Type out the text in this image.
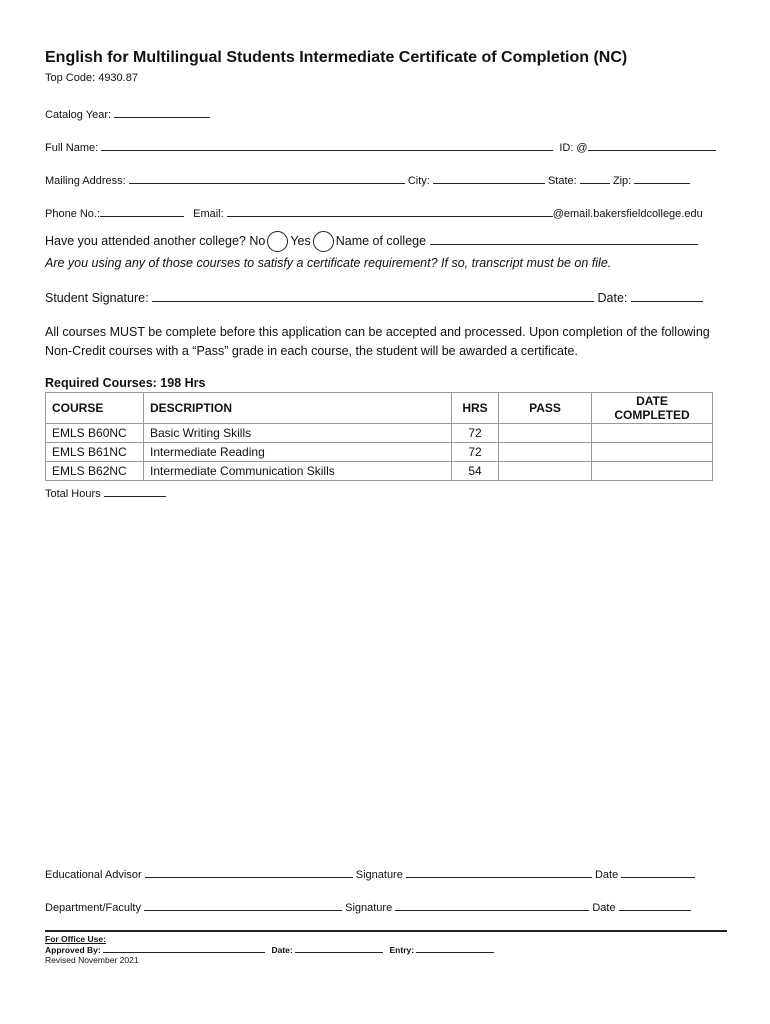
English for Multilingual Students Intermediate Certificate of Completion (NC)
Top Code: 4930.87
Catalog Year:
Full Name:	ID: @
Mailing Address:	City:	State:	Zip:
Phone No.:	Email:	@email.bakersfieldcollege.edu
Have you attended another college? No Yes Name of college
Are you using any of those courses to satisfy a certificate requirement? If so, transcript must be on file.
Student Signature:	Date:
All courses MUST be complete before this application can be accepted and processed. Upon completion of the following
Non-Credit courses with a “Pass” grade in each course, the student will be awarded a certificate.
Required Courses: 198 Hrs
COURSE	DESCRIPTION	HRS	PASS	DATE COMPLETED
EMLS B60NC	Basic Writing Skills	72		
EMLS B61NC	Intermediate Reading	72		
EMLS B62NC	Intermediate Communication Skills	54		
Total Hours
Educational Advisor	Signature	Date
Department/Faculty	Signature	Date
For Office Use:
Approved By:	Date:	Entry:
Revised November 2021
